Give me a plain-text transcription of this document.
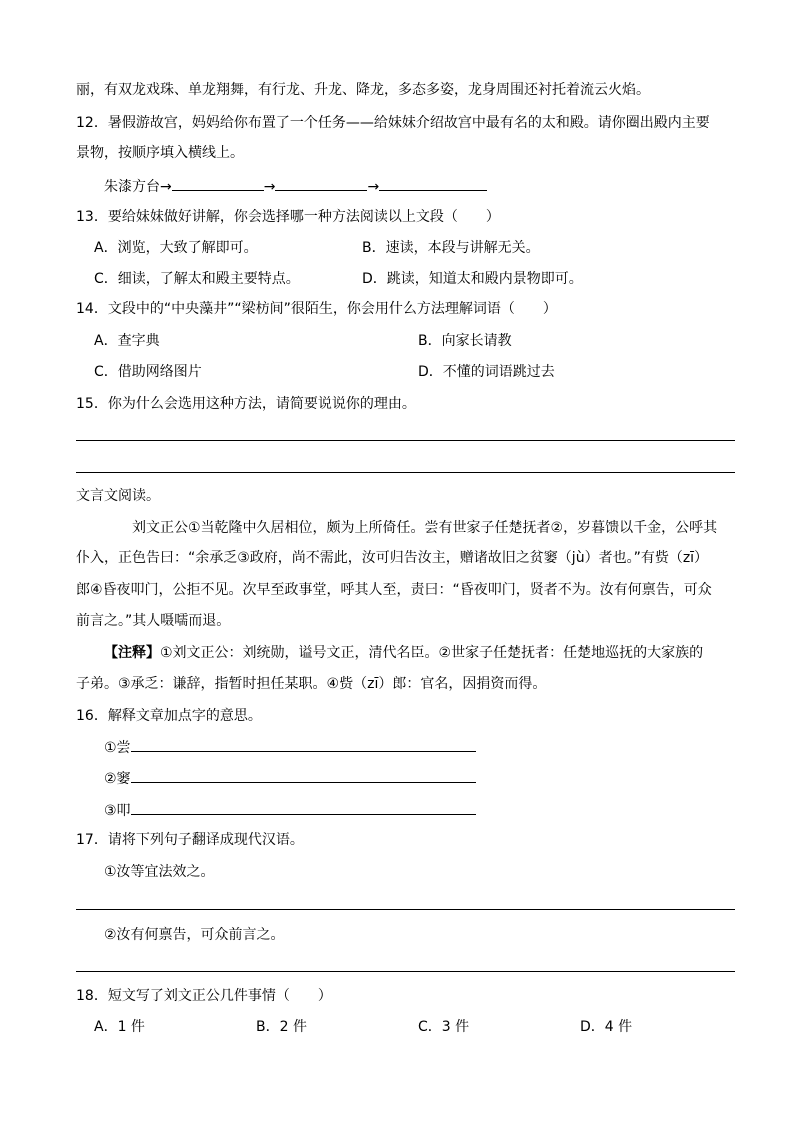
丽，有双龙戏珠、单龙翔舞，有行龙、升龙、降龙，多态多姿，龙身周围还衬托着流云火焰。
12．暑假游故宫，妈妈给你布置了一个任务——给妹妹介绍故宫中最有名的太和殿。请你圈出殿内主要
景物，按顺序填入横线上。
朱漆方台→	→	→
13．要给妹妹做好讲解，你会选择哪一种方法阅读以上文段（　　）
A．浏览，大致了解即可。	B．速读，本段与讲解无关。
C．细读，了解太和殿主要特点。	D．跳读，知道太和殿内景物即可。
14．文段中的“中央藻井”“梁枋间”很陌生，你会用什么方法理解词语（　　）
A．查字典	B．向家长请教
C．借助网络图片	D．不懂的词语跳过去
15．你为什么会选用这种方法，请简要说说你的理由。
文言文阅读。
刘文正公①当乾隆中久居相位，颇为上所倚任。尝有世家子任楚抚者②，岁暮馈以千金，公呼其
仆入，正色告曰：“余承乏③政府，尚不需此，汝可归告汝主，赠诸故旧之贫窭（jù）者也。”有赀（zī）
郎④昏夜叩门，公拒不见。次早至政事堂，呼其人至，责曰：“昏夜叩门，贤者不为。汝有何禀告，可众
前言之。”其人嗫嚅而退。
【注释】①刘文正公：刘统勋，谥号文正，清代名臣。②世家子任楚抚者：任楚地巡抚的大家族的
子弟。③承乏：谦辞，指暂时担任某职。④赀（zī）郎：官名，因捐资而得。
16．解释文章加点字的意思。
①尝
②窭
③叩
17．请将下列句子翻译成现代汉语。
①汝等宜法效之。
②汝有何禀告，可众前言之。
18．短文写了刘文正公几件事情（　　）
A．1 件	B．2 件	C．3 件	D．4 件
